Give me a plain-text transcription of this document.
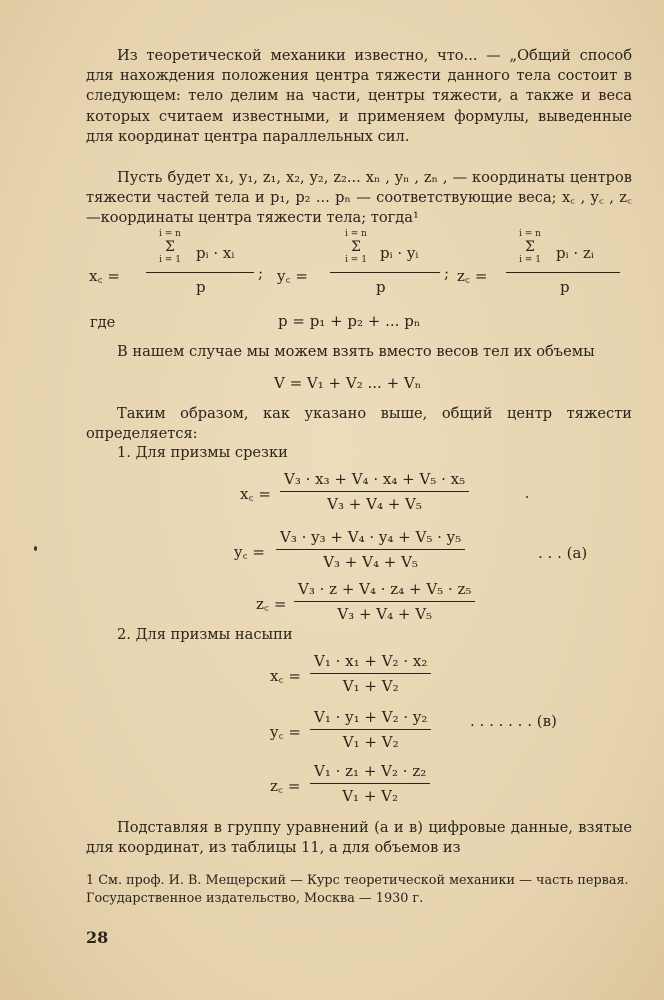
Из теоретической механики известно, что... — „Общий способ для нахождения положения центра тяжести данного тела состоит в следующем: тело делим на части, центры тяжести, а также и веса которых считаем известными, и применяем формулы, выведенные для координат центра параллельных сил.
Пусть будет x₁, y₁, z₁, x₂, y₂, z₂... xₙ , yₙ , zₙ , — координаты центров тяжести частей тела и p₁, p₂ ... pₙ — соответствующие веса; x꜀ , y꜀ , z꜀ —координаты центра тяжести тела; тогда¹
x꜀ =
i = n
Σ
i = 1	pᵢ · xᵢ
p
; y꜀ =
i = n
Σ
i = 1 pᵢ · yᵢ
p
; z꜀ =
i = n
Σ
i = 1	pᵢ · zᵢ
p
где	p = p₁ + p₂ + ... pₙ
В нашем случае мы можем взять вместо весов тел их объемы
V = V₁ + V₂ ... + Vₙ
Таким образом, как указано выше, общий центр тяжести определяется:
1. Для призмы срезки
x꜀ = $\frac{\text{V₃ · x₃ + V₄ · x₄ + V₅ · x₅}}{\text{V₃ + V₄ + V₅}}$
y꜀ = $\frac{\text{V₃ · y₃ + V₄ · y₄ + V₅ · y₅}}{\text{V₃ + V₄ + V₅}}$	. . . (a)
z꜀ = $\frac{\text{V₃ · z + V₄ · z₄ + V₅ · z₅}}{\text{V₃ + V₄ + V₅}}$
2. Для призмы насыпи
x꜀ = $\frac{\text{V₁ · x₁ + V₂ · x₂}}{\text{V₁ + V₂}}$
y꜀ = $\frac{\text{V₁ · y₁ + V₂ · y₂}}{\text{V₁ + V₂}}$	. . . . . . . (в)
z꜀ = $\frac{\text{V₁ · z₁ + V₂ · z₂}}{\text{V₁ + V₂}}$
Подставляя в группу уравнений (а и в) цифровые данные, взятые для координат, из таблицы 11, а для объемов из
1 См. проф. И. В. Мещерский — Курс теоретической механики — часть первая. Государственное издательство, Москва — 1930 г.
28
